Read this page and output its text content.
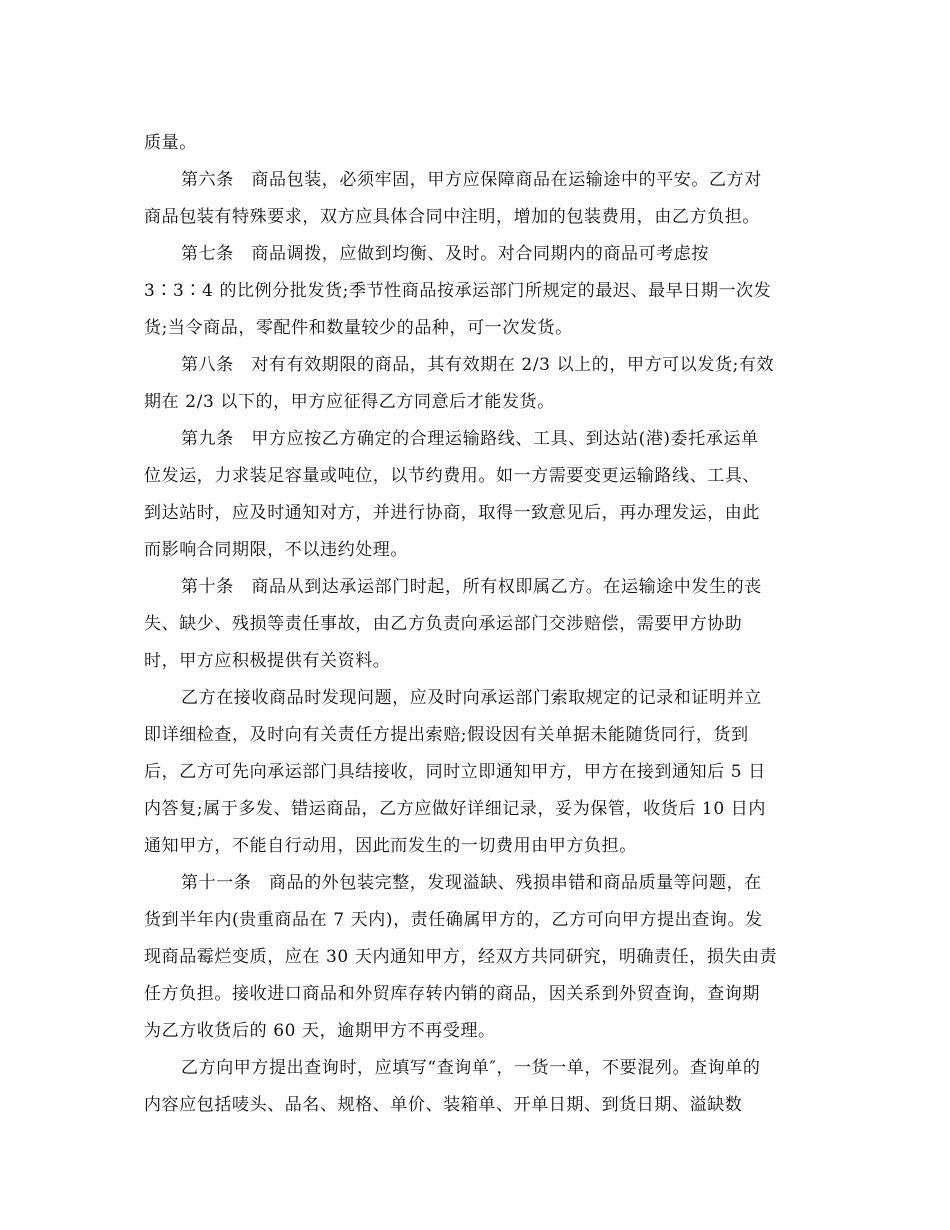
质量。
第六条　商品包装，必须牢固，甲方应保障商品在运输途中的平安。乙方对
商品包装有特殊要求，双方应具体合同中注明，增加的包装费用，由乙方负担。
第七条　商品调拨，应做到均衡、及时。对合同期内的商品可考虑按
3∶3∶4 的比例分批发货;季节性商品按承运部门所规定的最迟、最早日期一次发
货;当令商品，零配件和数量较少的品种，可一次发货。
第八条　对有有效期限的商品，其有效期在 2/3 以上的，甲方可以发货;有效
期在 2/3 以下的，甲方应征得乙方同意后才能发货。
第九条　甲方应按乙方确定的合理运输路线、工具、到达站(港)委托承运单
位发运，力求装足容量或吨位，以节约费用。如一方需要变更运输路线、工具、
到达站时，应及时通知对方，并进行协商，取得一致意见后，再办理发运，由此
而影响合同期限，不以违约处理。
第十条　商品从到达承运部门时起，所有权即属乙方。在运输途中发生的丧
失、缺少、残损等责任事故，由乙方负责向承运部门交涉赔偿，需要甲方协助
时，甲方应积极提供有关资料。
乙方在接收商品时发现问题，应及时向承运部门索取规定的记录和证明并立
即详细检查，及时向有关责任方提出索赔;假设因有关单据未能随货同行，货到
后，乙方可先向承运部门具结接收，同时立即通知甲方，甲方在接到通知后 5 日
内答复;属于多发、错运商品，乙方应做好详细记录，妥为保管，收货后 10 日内
通知甲方，不能自行动用，因此而发生的一切费用由甲方负担。
第十一条　商品的外包装完整，发现溢缺、残损串错和商品质量等问题，在
货到半年内(贵重商品在 7 天内)，责任确属甲方的，乙方可向甲方提出查询。发
现商品霉烂变质，应在 30 天内通知甲方，经双方共同研究，明确责任，损失由责
任方负担。接收进口商品和外贸库存转内销的商品，因关系到外贸查询，查询期
为乙方收货后的 60 天，逾期甲方不再受理。
乙方向甲方提出查询时，应填写“查询单″，一货一单，不要混列。查询单的
内容应包括唛头、品名、规格、单价、装箱单、开单日期、到货日期、溢缺数
